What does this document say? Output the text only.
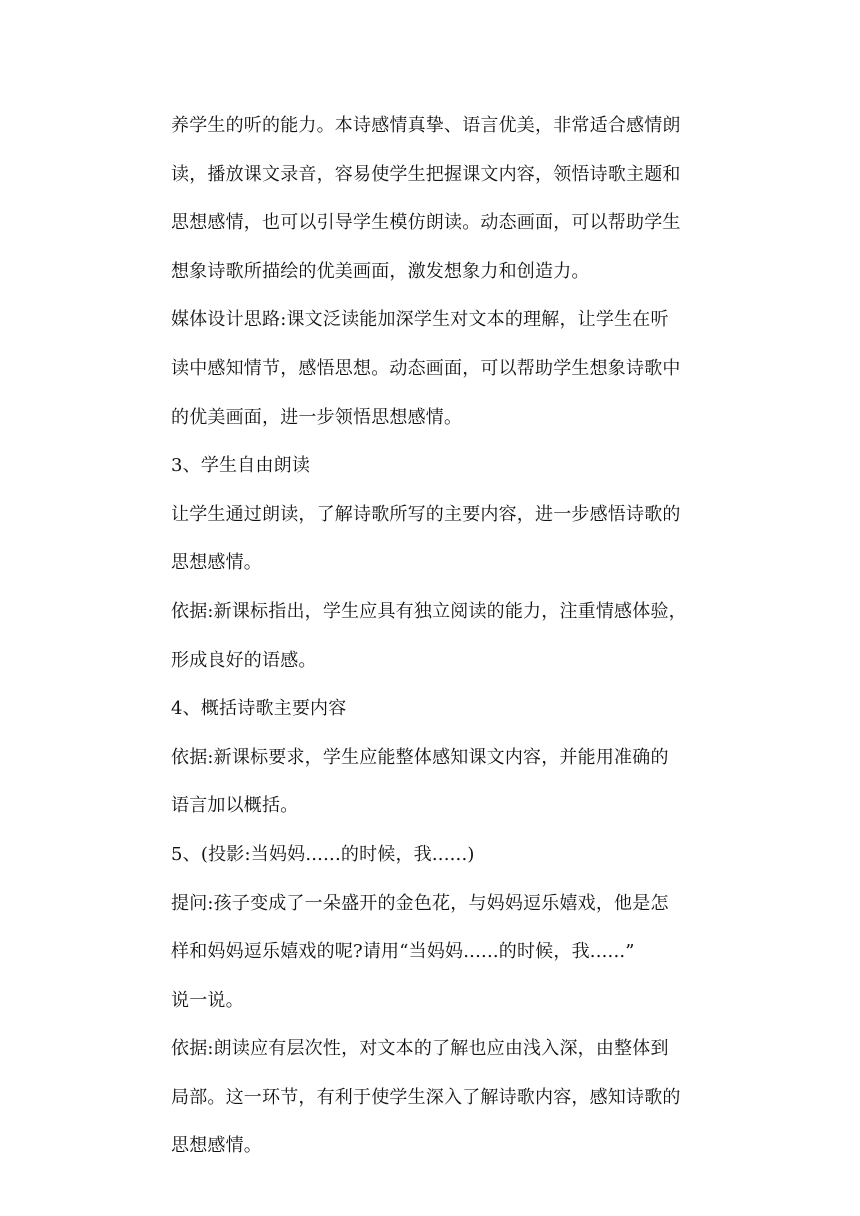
养学生的听的能力。本诗感情真挚、语言优美，非常适合感情朗
读，播放课文录音，容易使学生把握课文内容，领悟诗歌主题和
思想感情，也可以引导学生模仿朗读。动态画面，可以帮助学生
想象诗歌所描绘的优美画面，激发想象力和创造力。
媒体设计思路:课文泛读能加深学生对文本的理解，让学生在听
读中感知情节，感悟思想。动态画面，可以帮助学生想象诗歌中
的优美画面，进一步领悟思想感情。
3、学生自由朗读
让学生通过朗读，了解诗歌所写的主要内容，进一步感悟诗歌的
思想感情。
依据:新课标指出，学生应具有独立阅读的能力，注重情感体验，
形成良好的语感。
4、概括诗歌主要内容
依据:新课标要求，学生应能整体感知课文内容，并能用准确的
语言加以概括。
5、(投影:当妈妈......的时候，我......)
提问:孩子变成了一朵盛开的金色花，与妈妈逗乐嬉戏，他是怎
样和妈妈逗乐嬉戏的呢?请用“当妈妈......的时候，我......”
说一说。
依据:朗读应有层次性，对文本的了解也应由浅入深，由整体到
局部。这一环节，有利于使学生深入了解诗歌内容，感知诗歌的
思想感情。
